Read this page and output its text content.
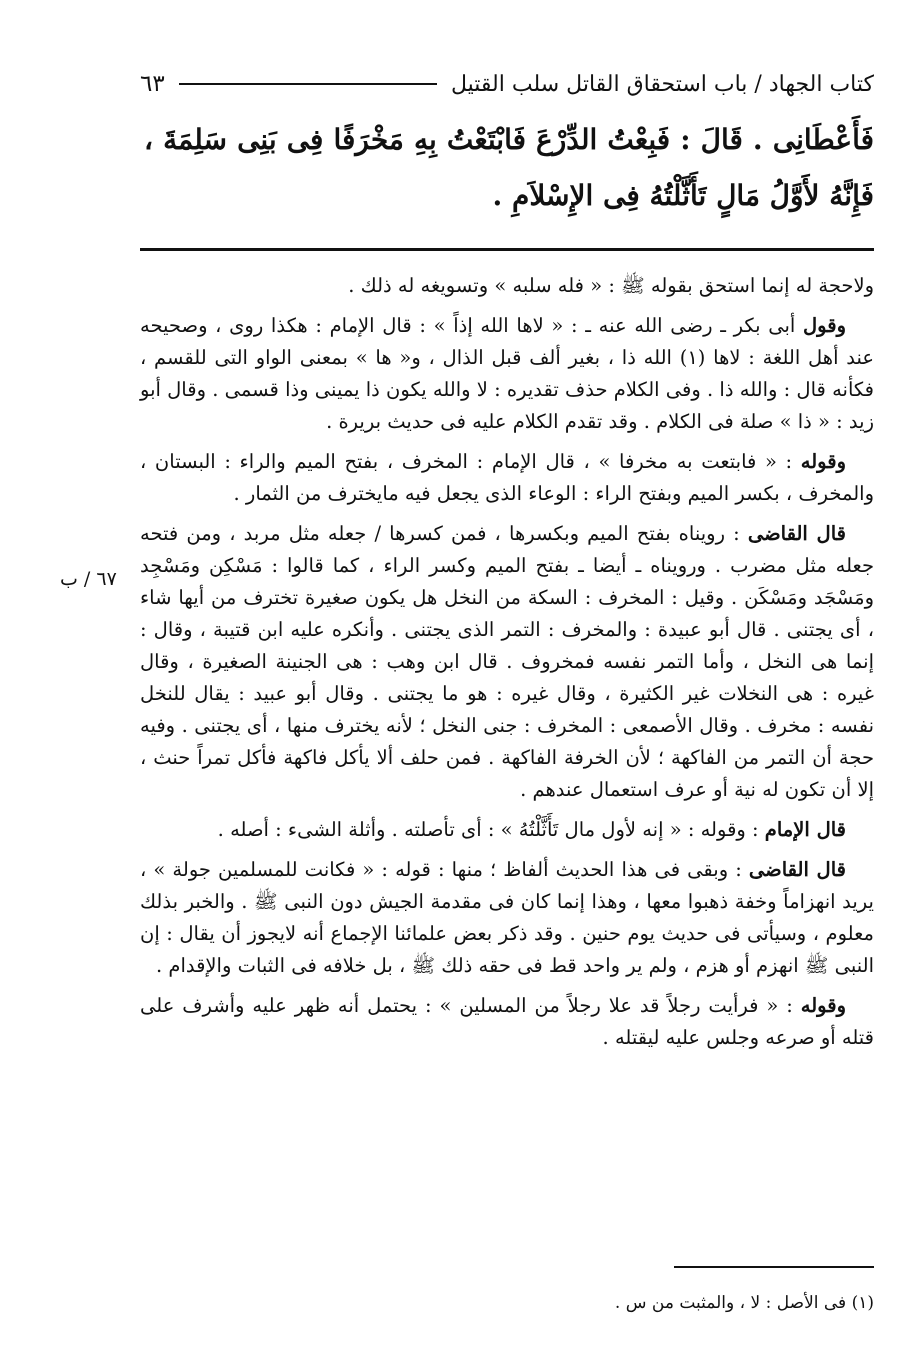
كتاب الجهاد / باب استحقاق القاتل سلب القتيل
٦٣

فَأَعْطَانِى . قَالَ : فَبِعْتُ الدِّرْعَ فَابْتَعْتُ بِهِ مَخْرَفًا فِى بَنِى سَلِمَةَ ، فَإِنَّهُ لأَوَّلُ مَالٍ تَأَثَّلْتُهُ فِى الإِسْلاَمِ .

ولاحجة له إنما استحق بقوله ﷺ : « فله سلبه » وتسويغه له ذلك .

وقول أبى بكر ـ رضى الله عنه ـ : « لاها الله إذاً » : قال الإمام : هكذا روى ، وصحيحه عند أهل اللغة : لاها (١) الله ذا ، بغير ألف قبل الذال ، و« ها » بمعنى الواو التى للقسم ، فكأنه قال : والله ذا . وفى الكلام حذف تقديره : لا والله يكون ذا يمينى وذا قسمى . وقال أبو زيد : « ذا » صلة فى الكلام . وقد تقدم الكلام عليه فى حديث بريرة .

وقوله : « فابتعت به مخرفا » ، قال الإمام : المخرف ، بفتح الميم والراء : البستان ، والمخرف ، بكسر الميم وبفتح الراء : الوعاء الذى يجعل فيه مايخترف من الثمار .

قال القاضى : رويناه بفتح الميم وبكسرها ، فمن كسرها / جعله مثل مربد ، ومن فتحه جعله مثل مضرب . ورويناه ـ أيضا ـ بفتح الميم وكسر الراء ، كما قالوا : مَسْكِن ومَسْجِد ومَسْجَد ومَسْكَن . وقيل : المخرف : السكة من النخل هل يكون صغيرة تخترف من أيها شاء ، أى يجتنى . قال أبو عبيدة : والمخرف : التمر الذى يجتنى . وأنكره عليه ابن قتيبة ، وقال : إنما هى النخل ، وأما التمر نفسه فمخروف . قال ابن وهب : هى الجنينة الصغيرة ، وقال غيره : هى النخلات غير الكثيرة ، وقال غيره : هو ما يجتنى . وقال أبو عبيد : يقال للنخل نفسه : مخرف . وقال الأصمعى : المخرف : جنى النخل ؛ لأنه يخترف منها ، أى يجتنى . وفيه حجة أن التمر من الفاكهة ؛ لأن الخرفة الفاكهة . فمن حلف ألا يأكل فاكهة فأكل تمراً حنث ، إلا أن تكون له نية أو عرف استعمال عندهم .

قال الإمام : وقوله : « إنه لأول مال تَأَثَّلْتُهُ » : أى تأصلته . وأثلة الشىء : أصله .

قال القاضى : وبقى فى هذا الحديث ألفاظ ؛ منها : قوله : « فكانت للمسلمين جولة » ، يريد انهزاماً وخفة ذهبوا معها ، وهذا إنما كان فى مقدمة الجيش دون النبى ﷺ . والخبر بذلك معلوم ، وسيأتى فى حديث يوم حنين . وقد ذكر بعض علمائنا الإجماع أنه لايجوز أن يقال : إن النبى ﷺ انهزم أو هزم ، ولم ير واحد قط فى حقه ذلك ﷺ ، بل خلافه فى الثبات والإقدام .

وقوله : « فرأيت رجلاً قد علا رجلاً من المسلين » : يحتمل أنه ظهر عليه وأشرف على قتله أو صرعه وجلس عليه ليقتله .

٦٧ / ب
(١) فى الأصل : لا ، والمثبت من س .
